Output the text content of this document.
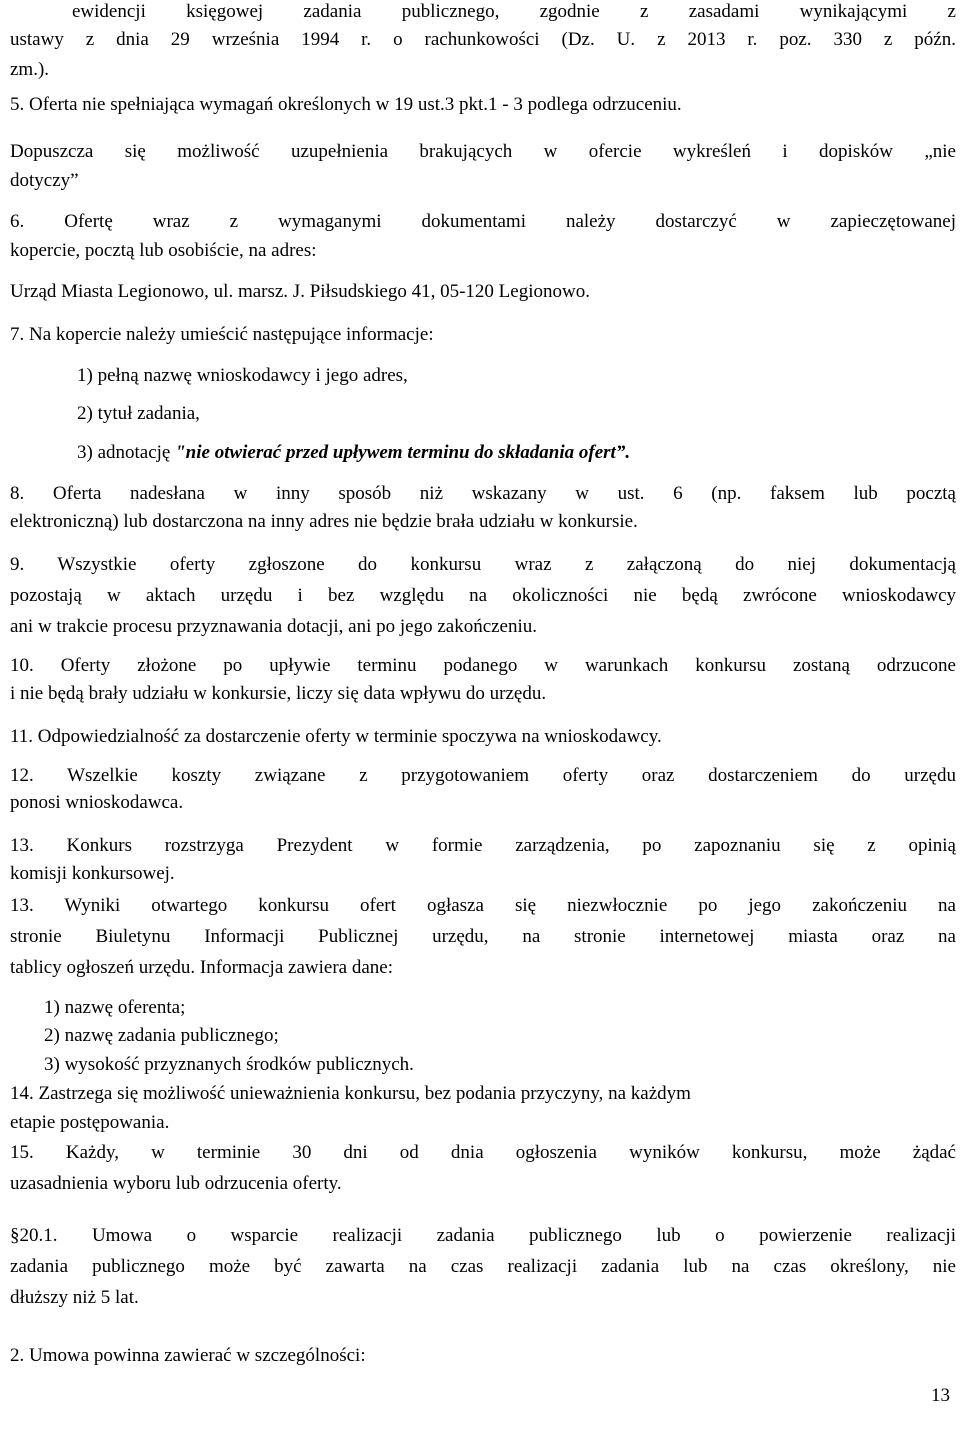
ewidencji księgowej zadania publicznego, zgodnie z zasadami wynikającymi z
ustawy z dnia 29 września 1994 r. o rachunkowości (Dz. U. z 2013 r. poz. 330 z późn.
zm.).
5. Oferta nie spełniająca wymagań określonych w 19 ust.3 pkt.1 - 3 podlega odrzuceniu.
Dopuszcza się możliwość uzupełnienia brakujących w ofercie wykreśleń i dopisków „nie
dotyczy”
6. Ofertę wraz z wymaganymi dokumentami należy dostarczyć w zapieczętowanej
kopercie, pocztą lub osobiście, na adres:
Urząd Miasta Legionowo, ul. marsz. J. Piłsudskiego 41, 05-120 Legionowo.
7. Na kopercie należy umieścić następujące informacje:
1) pełną nazwę wnioskodawcy i jego adres,
2) tytuł zadania,
3) adnotację "nie otwierać przed upływem terminu do składania ofert”.
8. Oferta nadesłana w inny sposób niż wskazany w ust. 6 (np. faksem lub pocztą
elektroniczną) lub dostarczona na inny adres nie będzie brała udziału w konkursie.
9. Wszystkie oferty zgłoszone do konkursu wraz z załączoną do niej dokumentacją
pozostają w aktach urzędu i bez względu na okoliczności nie będą zwrócone wnioskodawcy
ani w trakcie procesu przyznawania dotacji, ani po jego zakończeniu.
10. Oferty złożone po upływie terminu podanego w warunkach konkursu zostaną odrzucone
i nie będą brały udziału w konkursie, liczy się data wpływu do urzędu.
11. Odpowiedzialność za dostarczenie oferty w terminie spoczywa na wnioskodawcy.
12. Wszelkie koszty związane z przygotowaniem oferty oraz dostarczeniem do urzędu
ponosi wnioskodawca.
13. Konkurs rozstrzyga Prezydent w formie zarządzenia, po zapoznaniu się z opinią
komisji konkursowej.
13. Wyniki otwartego konkursu ofert ogłasza się niezwłocznie po jego zakończeniu na
stronie Biuletynu Informacji Publicznej urzędu, na stronie internetowej miasta oraz na
tablicy ogłoszeń urzędu. Informacja zawiera dane:
1) nazwę oferenta;
2) nazwę zadania publicznego;
3) wysokość przyznanych środków publicznych.
14. Zastrzega się możliwość unieważnienia konkursu, bez podania przyczyny, na każdym
etapie postępowania.
15. Każdy, w terminie 30 dni od dnia ogłoszenia wyników konkursu, może żądać
uzasadnienia wyboru lub odrzucenia oferty.
§20.1. Umowa o wsparcie realizacji zadania publicznego lub o powierzenie realizacji
zadania publicznego może być zawarta na czas realizacji zadania lub na czas określony, nie
dłuższy niż 5 lat.
2. Umowa powinna zawierać w szczególności:
13
